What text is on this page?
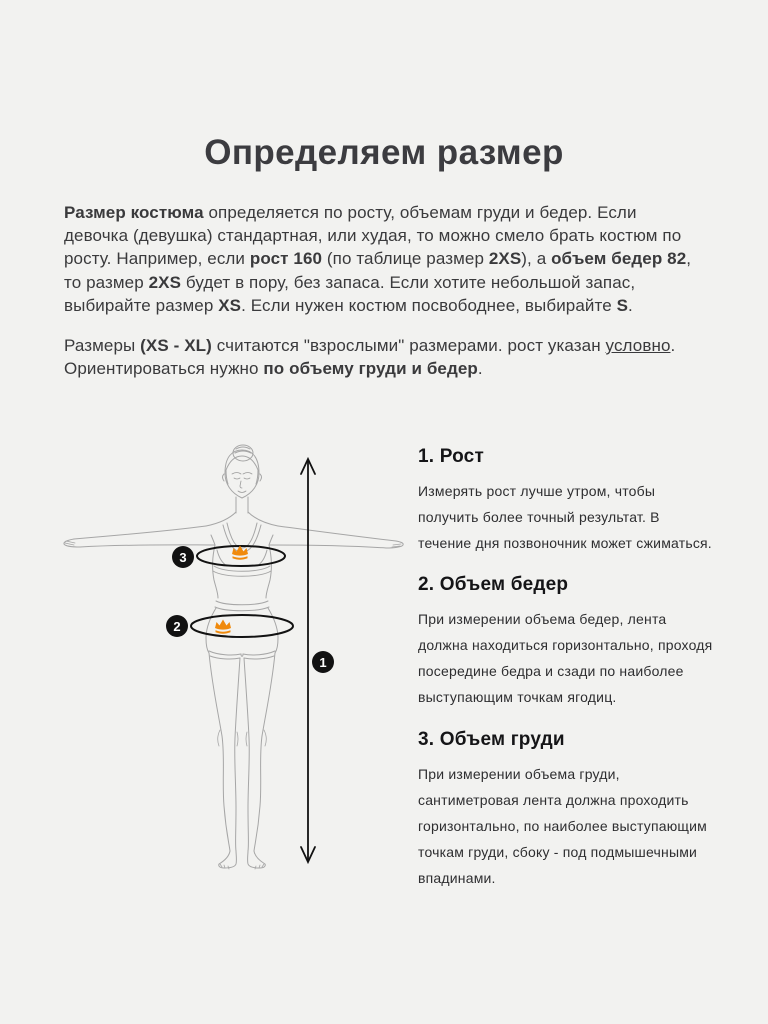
Определяем размер

Размер костюма определяется по росту, объемам груди и бедер. Если девочка (девушка) стандартная, или худая, то можно смело брать костюм по росту. Например, если рост 160 (по таблице размер 2XS), а объем бедер 82, то размер 2XS будет в пору, без запаса. Если хотите небольшой запас, выбирайте размер XS. Если нужен костюм посвободнее, выбирайте S.

Размеры (XS - XL) считаются "взрослыми" размерами. рост указан условно. Ориентироваться нужно по объему груди и бедер.

1
2
3
1. Рост

Измерять рост лучше утром, чтобы получить более точный результат. В течение дня позвоночник может сжиматься.

2. Объем бедер

При измерении объема бедер, лента должна находиться горизонтально, проходя посередине бедра и сзади по наиболее выступающим точкам ягодиц.

3. Объем груди

При измерении объема груди, сантиметровая лента должна проходить горизонтально, по наиболее выступающим точкам груди, сбоку - под подмышечными впадинами.
